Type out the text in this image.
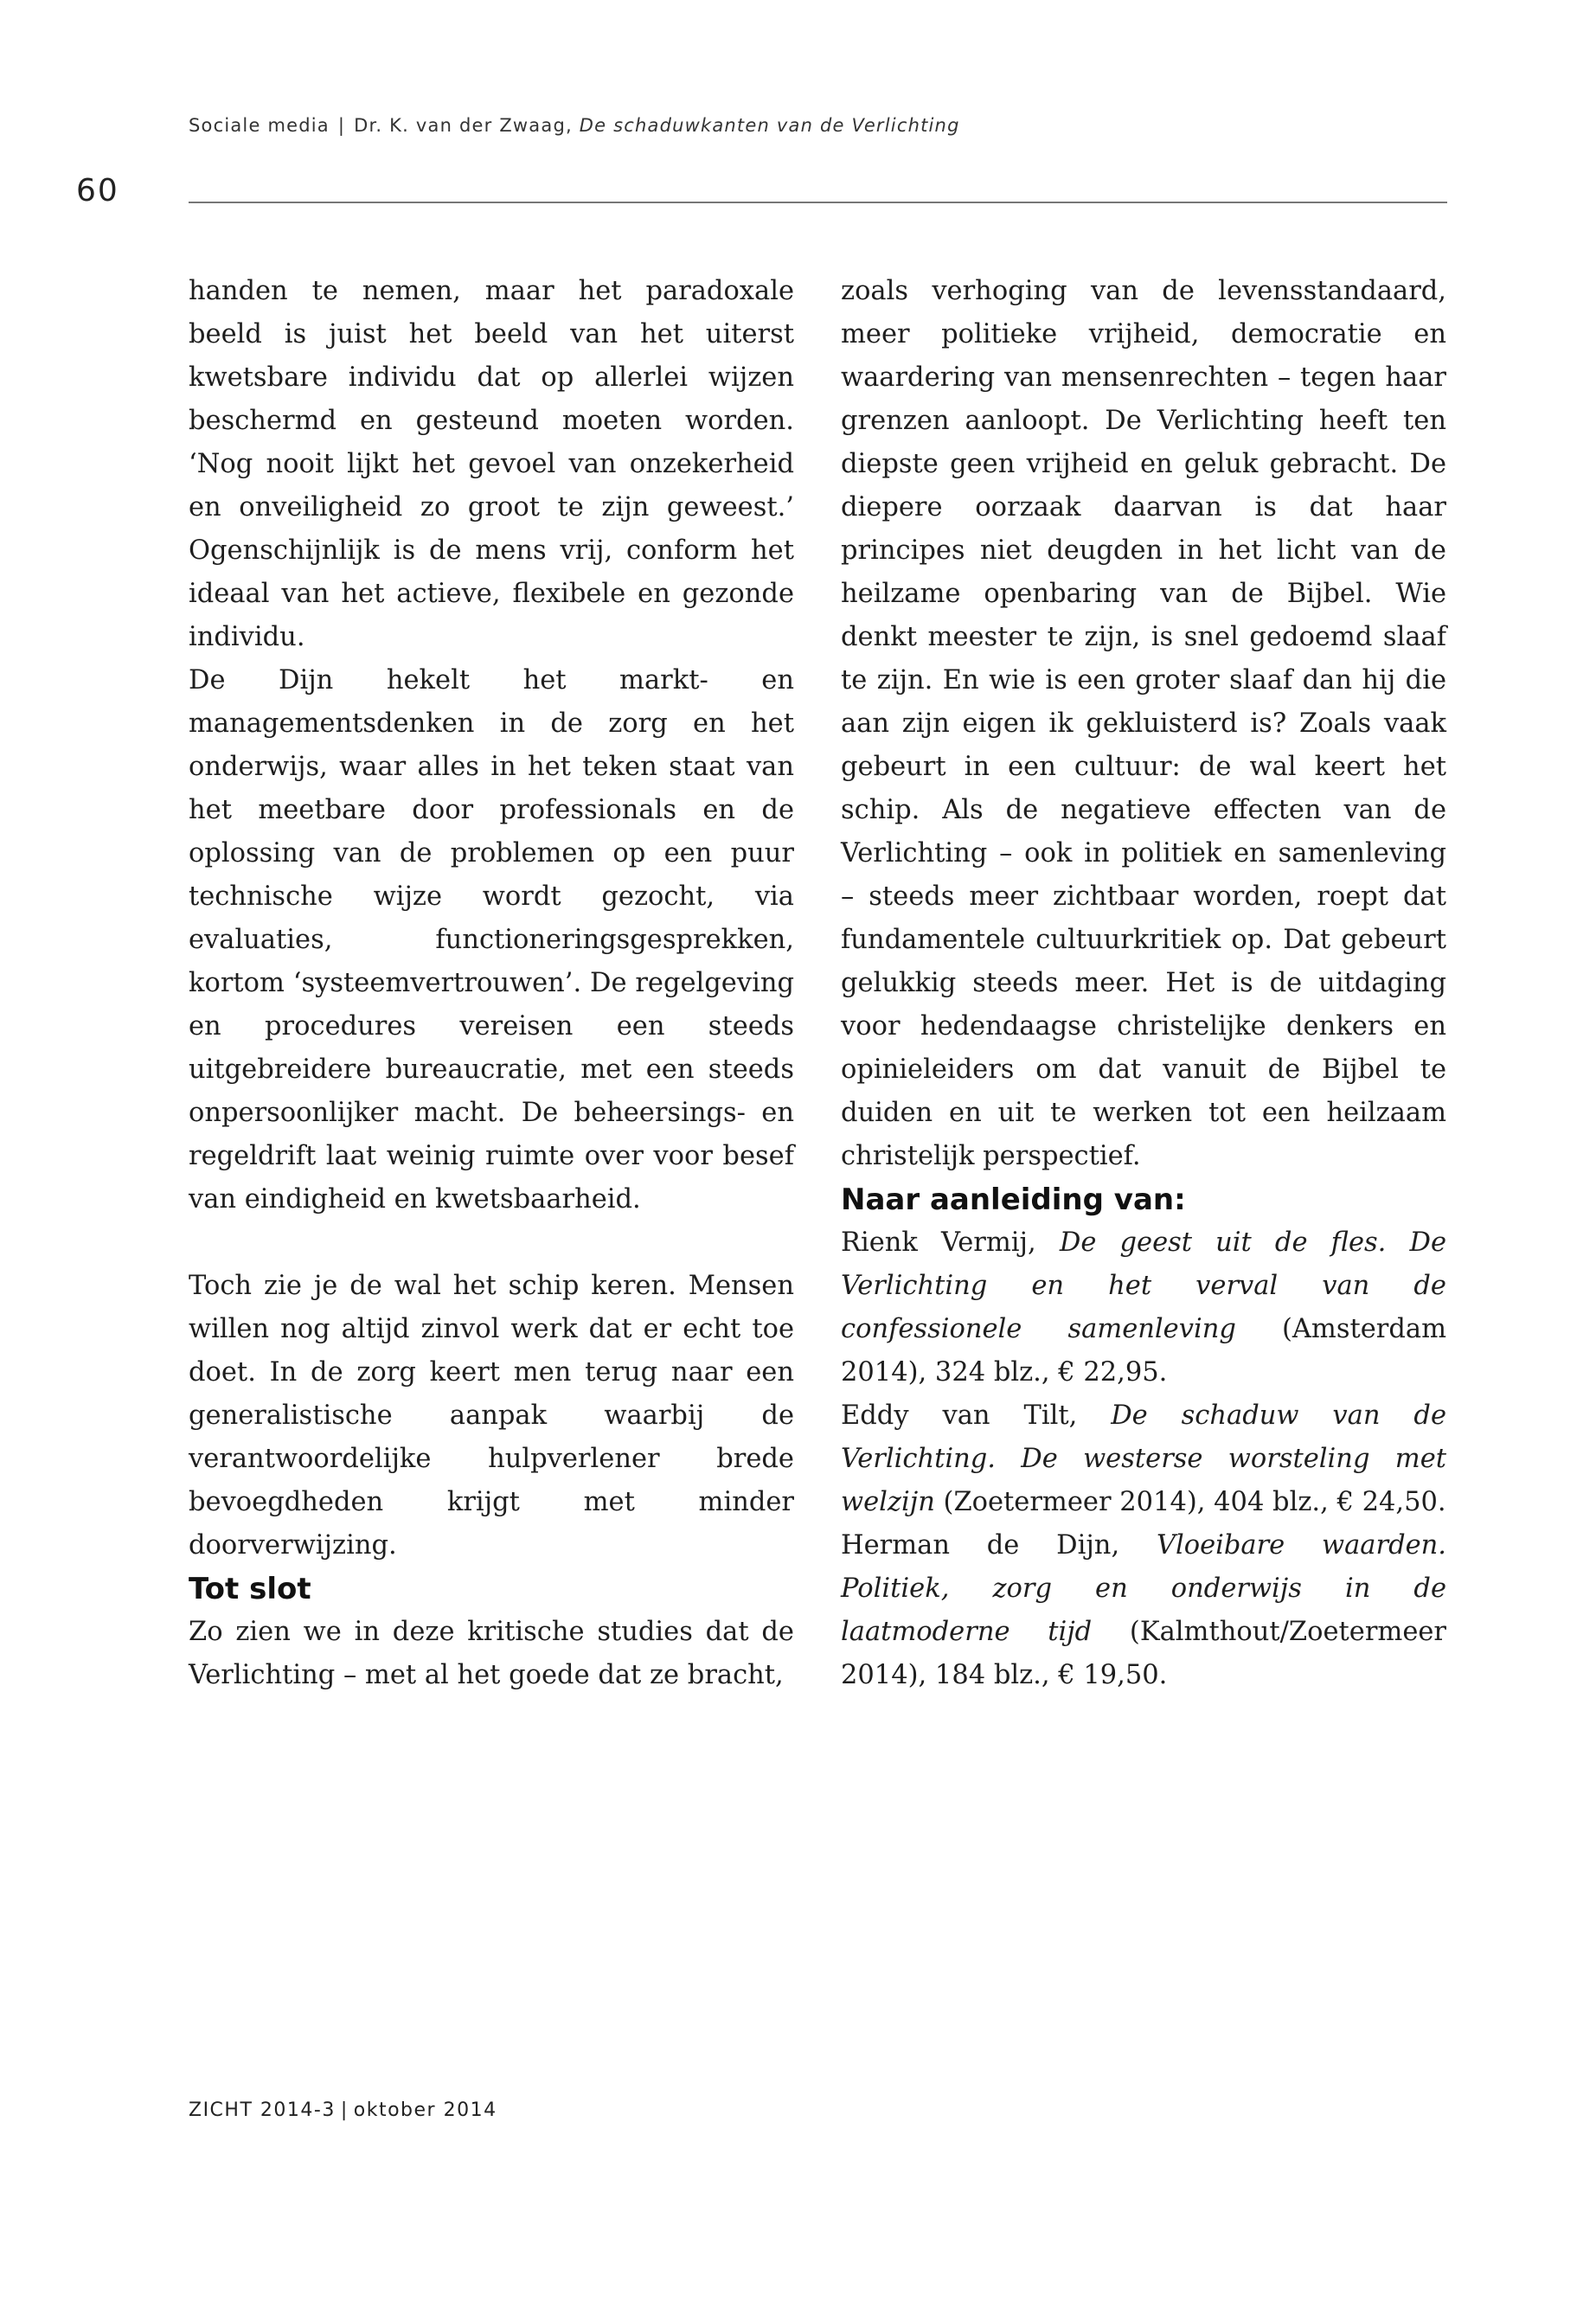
Sociale media | Dr. K. van der Zwaag, De schaduwkanten van de Verlichting
60

handen te nemen, maar het paradoxale beeld is juist het beeld van het uiterst kwetsbare individu dat op allerlei wijzen beschermd en gesteund moeten worden. ‘Nog nooit lijkt het gevoel van onzekerheid en onveiligheid zo groot te zijn geweest.’ Ogenschijnlijk is de mens vrij, conform het ideaal van het actieve, flexibele en gezonde individu.

De Dijn hekelt het markt- en managementsdenken in de zorg en het onderwijs, waar alles in het teken staat van het meetbare door professionals en de oplossing van de problemen op een puur technische wijze wordt gezocht, via evaluaties, functioneringsgesprekken, kortom ‘systeemvertrouwen’. De regelgeving en procedures vereisen een steeds uitgebreidere bureaucratie, met een steeds onpersoonlijker macht. De beheersings- en regeldrift laat weinig ruimte over voor besef van eindigheid en kwetsbaarheid.

Toch zie je de wal het schip keren. Mensen willen nog altijd zinvol werk dat er echt toe doet. In de zorg keert men terug naar een generalistische aanpak waarbij de verantwoordelijke hulpverlener brede bevoegdheden krijgt met minder doorverwijzing.

Tot slot

Zo zien we in deze kritische studies dat de Verlichting – met al het goede dat ze bracht,

zoals verhoging van de levensstandaard, meer politieke vrijheid, democratie en waardering van mensenrechten – tegen haar grenzen aanloopt. De Verlichting heeft ten diepste geen vrijheid en geluk gebracht. De diepere oorzaak daarvan is dat haar principes niet deugden in het licht van de heilzame openbaring van de Bijbel. Wie denkt meester te zijn, is snel gedoemd slaaf te zijn. En wie is een groter slaaf dan hij die aan zijn eigen ik gekluisterd is? Zoals vaak gebeurt in een cultuur: de wal keert het schip. Als de negatieve effecten van de Verlichting – ook in politiek en samenleving – steeds meer zichtbaar worden, roept dat fundamentele cultuurkritiek op. Dat gebeurt gelukkig steeds meer. Het is de uitdaging voor hedendaagse christelijke denkers en opinieleiders om dat vanuit de Bijbel te duiden en uit te werken tot een heilzaam christelijk perspectief.

Naar aanleiding van:

Rienk Vermij, De geest uit de fles. De Verlichting en het verval van de confessionele samenleving (Amsterdam 2014), 324 blz., € 22,95.

Eddy van Tilt, De schaduw van de Verlichting. De westerse worsteling met welzijn (Zoetermeer 2014), 404 blz., € 24,50.

Herman de Dijn, Vloeibare waarden. Politiek, zorg en onderwijs in de laatmoderne tijd (Kalmthout/Zoetermeer 2014), 184 blz., € 19,50.

ZICHT 2014-3 | oktober 2014
